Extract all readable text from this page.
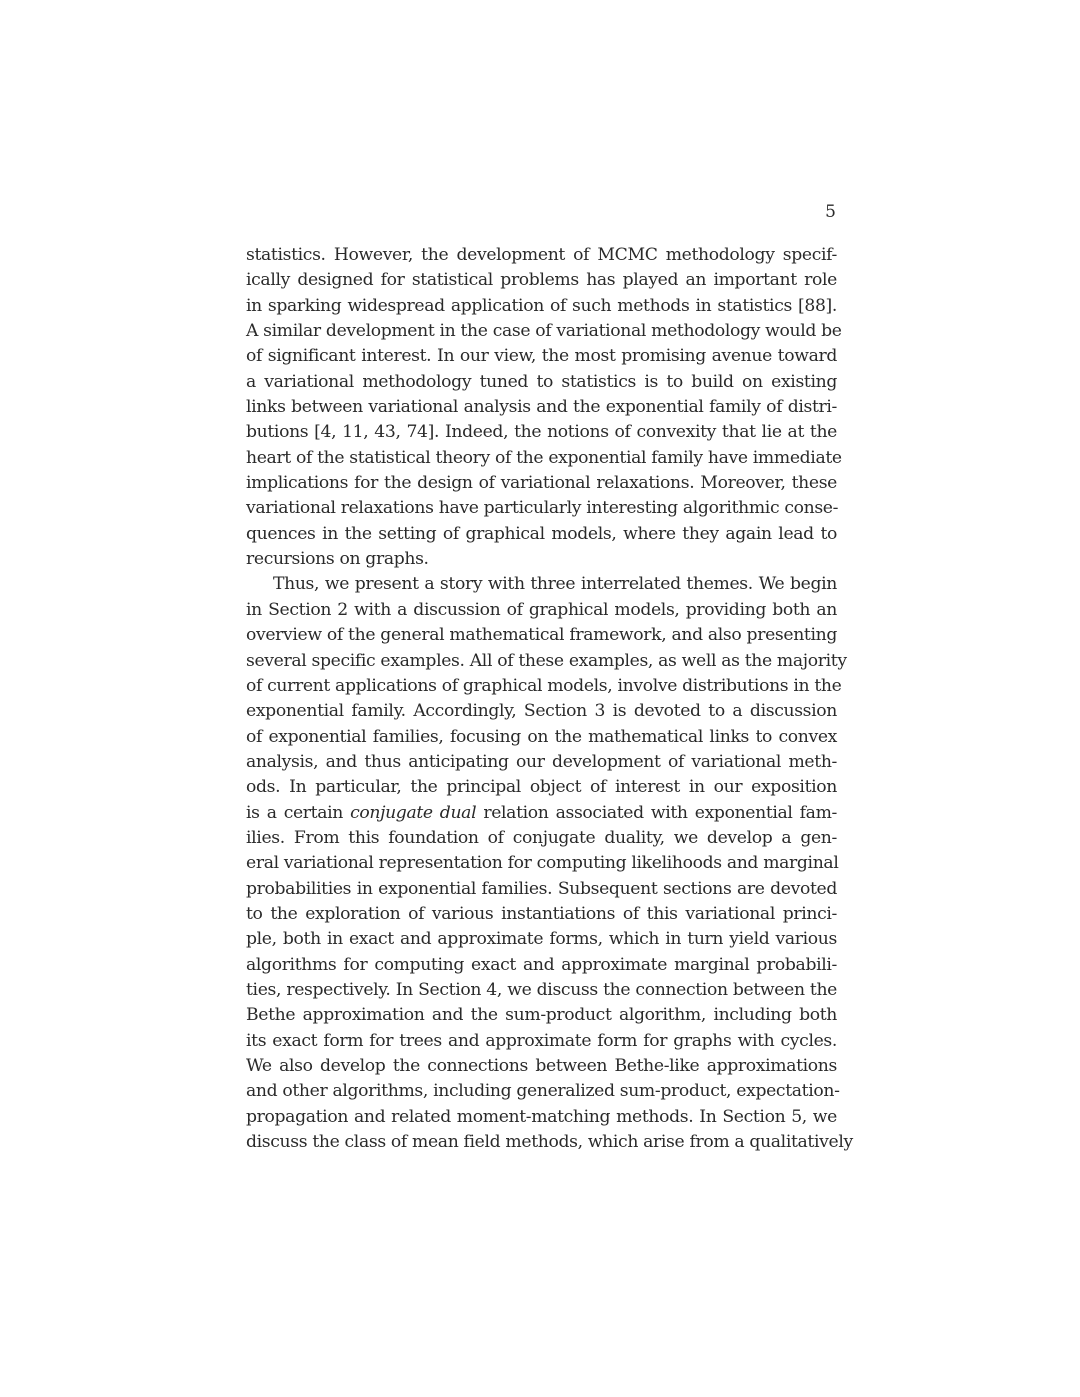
5
statistics. However, the development of MCMC methodology specif-
ically designed for statistical problems has played an important role
in sparking widespread application of such methods in statistics [88].
A similar development in the case of variational methodology would be
of significant interest. In our view, the most promising avenue toward
a variational methodology tuned to statistics is to build on existing
links between variational analysis and the exponential family of distri-
butions [4, 11, 43, 74]. Indeed, the notions of convexity that lie at the
heart of the statistical theory of the exponential family have immediate
implications for the design of variational relaxations. Moreover, these
variational relaxations have particularly interesting algorithmic conse-
quences in the setting of graphical models, where they again lead to
recursions on graphs.
Thus, we present a story with three interrelated themes. We begin
in Section 2 with a discussion of graphical models, providing both an
overview of the general mathematical framework, and also presenting
several specific examples. All of these examples, as well as the majority
of current applications of graphical models, involve distributions in the
exponential family. Accordingly, Section 3 is devoted to a discussion
of exponential families, focusing on the mathematical links to convex
analysis, and thus anticipating our development of variational meth-
ods. In particular, the principal object of interest in our exposition
is a certain conjugate dual relation associated with exponential fam-
ilies. From this foundation of conjugate duality, we develop a gen-
eral variational representation for computing likelihoods and marginal
probabilities in exponential families. Subsequent sections are devoted
to the exploration of various instantiations of this variational princi-
ple, both in exact and approximate forms, which in turn yield various
algorithms for computing exact and approximate marginal probabili-
ties, respectively. In Section 4, we discuss the connection between the
Bethe approximation and the sum-product algorithm, including both
its exact form for trees and approximate form for graphs with cycles.
We also develop the connections between Bethe-like approximations
and other algorithms, including generalized sum-product, expectation-
propagation and related moment-matching methods. In Section 5, we
discuss the class of mean field methods, which arise from a qualitatively
